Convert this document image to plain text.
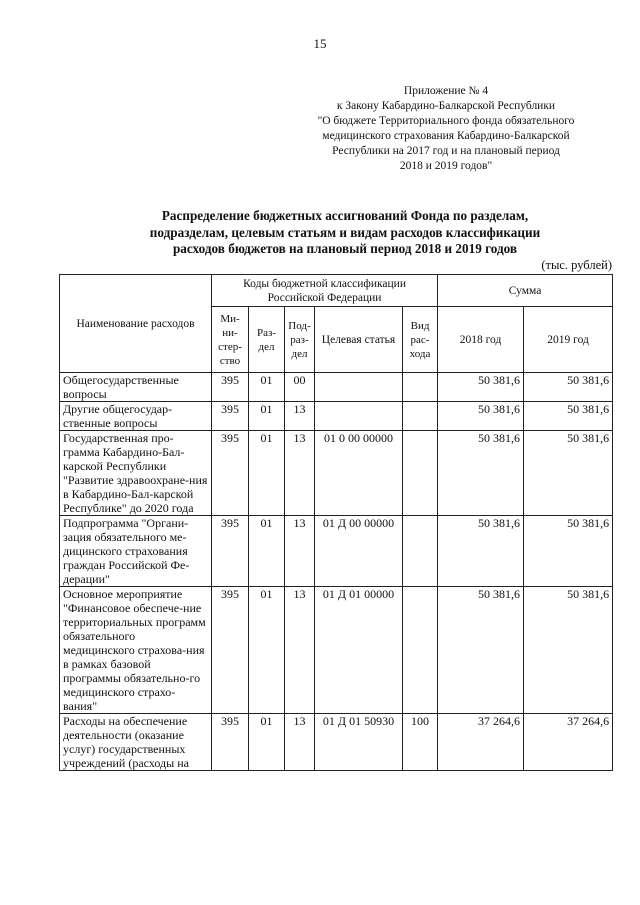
15
Приложение № 4
к Закону Кабардино-Балкарской Республики
"О бюджете Территориального фонда обязательного
медицинского страхования Кабардино-Балкарской
Республики на 2017 год и на плановый период
2018 и 2019 годов"
Распределение бюджетных ассигнований Фонда по разделам,
подразделам, целевым статьям и видам расходов классификации
расходов бюджетов на плановый период 2018 и 2019 годов
(тыс. рублей)
Наименование расходов	Коды бюджетной классификации Российской Федерации					Сумма	
	Ми-ни-стер-ство	Раз-дел	Под-раз-дел	Целевая статья	Вид рас-хода	2018 год	2019 год
Общегосударственные вопросы	395	01	00			50 381,6	50 381,6
Другие общегосудар-ственные вопросы	395	01	13			50 381,6	50 381,6
Государственная про-грамма Кабардино-Бал-карской Республики "Развитие здравоохране-ния в Кабардино-Бал-карской Республике" до 2020 года	395	01	13	01 0 00 00000		50 381,6	50 381,6
Подпрограмма "Органи-зация обязательного ме-дицинского страхования граждан Российской Фе-дерации"	395	01	13	01 Д 00 00000		50 381,6	50 381,6
Основное мероприятие "Финансовое обеспече-ние территориальных программ обязательного медицинского страхова-ния в рамках базовой программы обязательно-го медицинского страхо-вания"	395	01	13	01 Д 01 00000		50 381,6	50 381,6
Расходы на обеспечение деятельности (оказание услуг) государственных учреждений (расходы на	395	01	13	01 Д 01 50930	100	37 264,6	37 264,6
